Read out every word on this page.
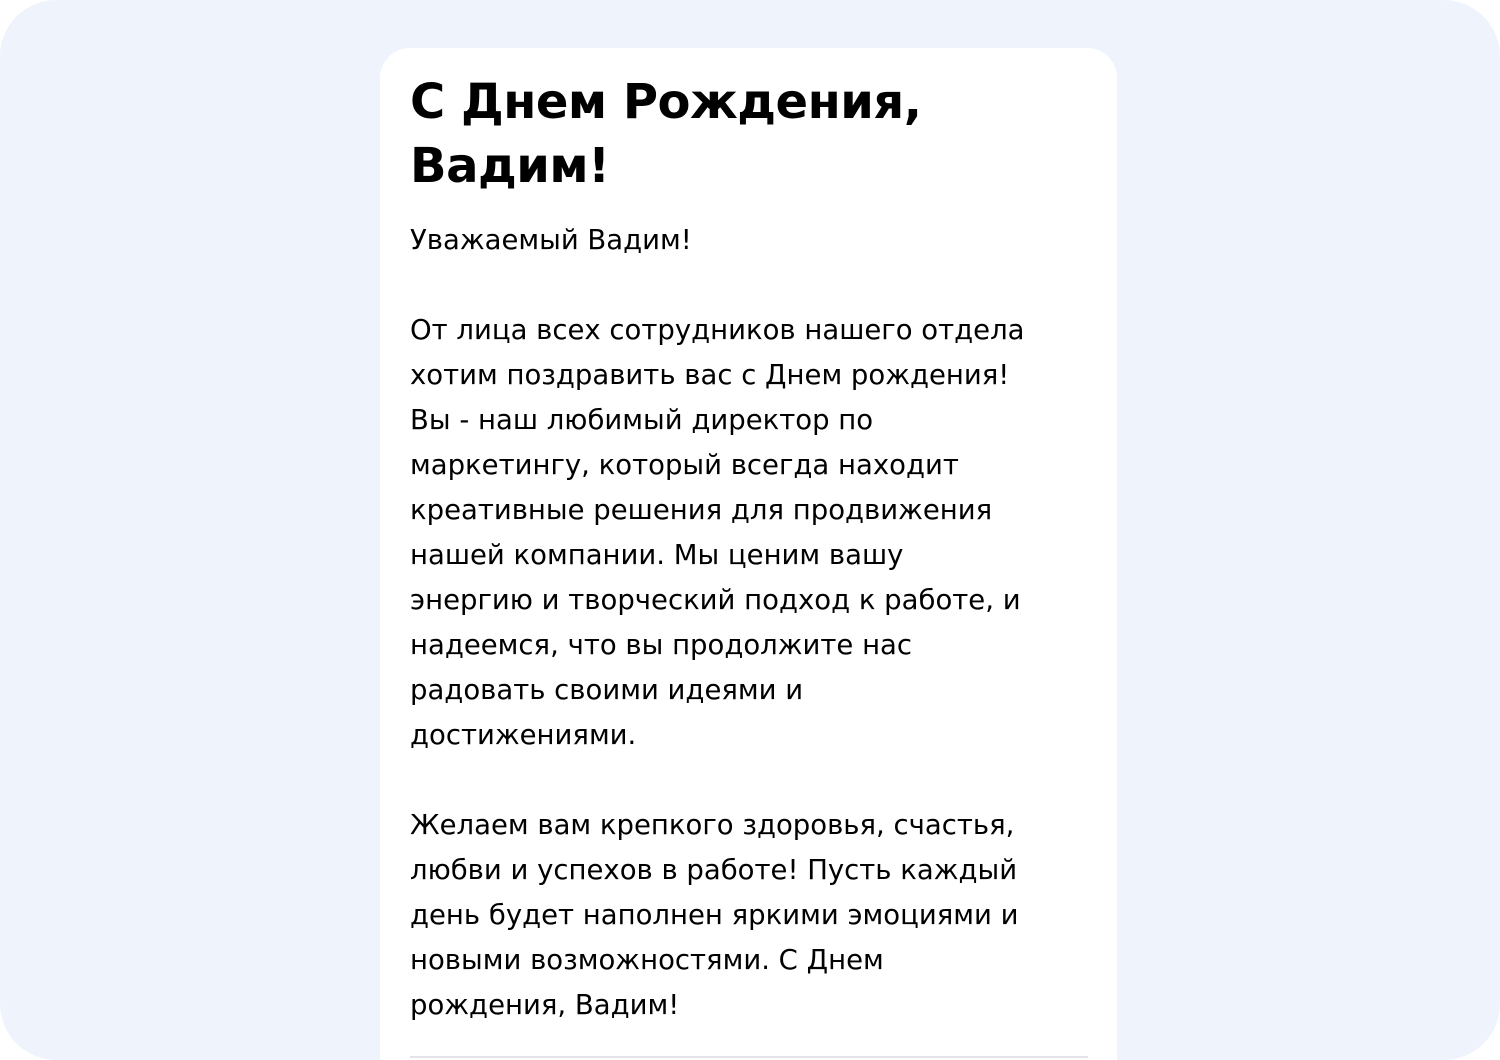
С Днем Рождения,
Вадим!
Уважаемый Вадим!
От лица всех сотрудников нашего отдела
хотим поздравить вас с Днем рождения!
Вы - наш любимый директор по
маркетингу, который всегда находит
креативные решения для продвижения
нашей компании. Мы ценим вашу
энергию и творческий подход к работе, и
надеемся, что вы продолжите нас
радовать своими идеями и
достижениями.
Желаем вам крепкого здоровья, счастья,
любви и успехов в работе! Пусть каждый
день будет наполнен яркими эмоциями и
новыми возможностями. С Днем
рождения, Вадим!
